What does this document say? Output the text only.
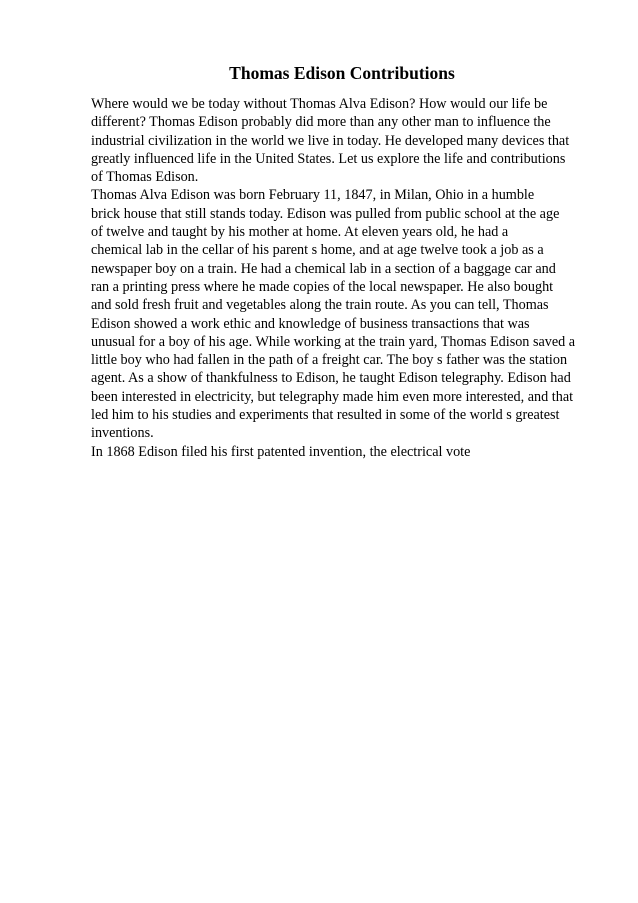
Thomas Edison Contributions
Where would we be today without Thomas Alva Edison? How would our life be
different? Thomas Edison probably did more than any other man to influence the
industrial civilization in the world we live in today. He developed many devices that
greatly influenced life in the United States. Let us explore the life and contributions
of Thomas Edison.
Thomas Alva Edison was born February 11, 1847, in Milan, Ohio in a humble
brick house that still stands today. Edison was pulled from public school at the age
of twelve and taught by his mother at home. At eleven years old, he had a
chemical lab in the cellar of his parent s home, and at age twelve took a job as a
newspaper boy on a train. He had a chemical lab in a section of a baggage car and
ran a printing press where he made copies of the local newspaper. He also bought
and sold fresh fruit and vegetables along the train route. As you can tell, Thomas
Edison showed a work ethic and knowledge of business transactions that was
unusual for a boy of his age. While working at the train yard, Thomas Edison saved a
little boy who had fallen in the path of a freight car. The boy s father was the station
agent. As a show of thankfulness to Edison, he taught Edison telegraphy. Edison had
been interested in electricity, but telegraphy made him even more interested, and that
led him to his studies and experiments that resulted in some of the world s greatest
inventions.
In 1868 Edison filed his first patented invention, the electrical vote
